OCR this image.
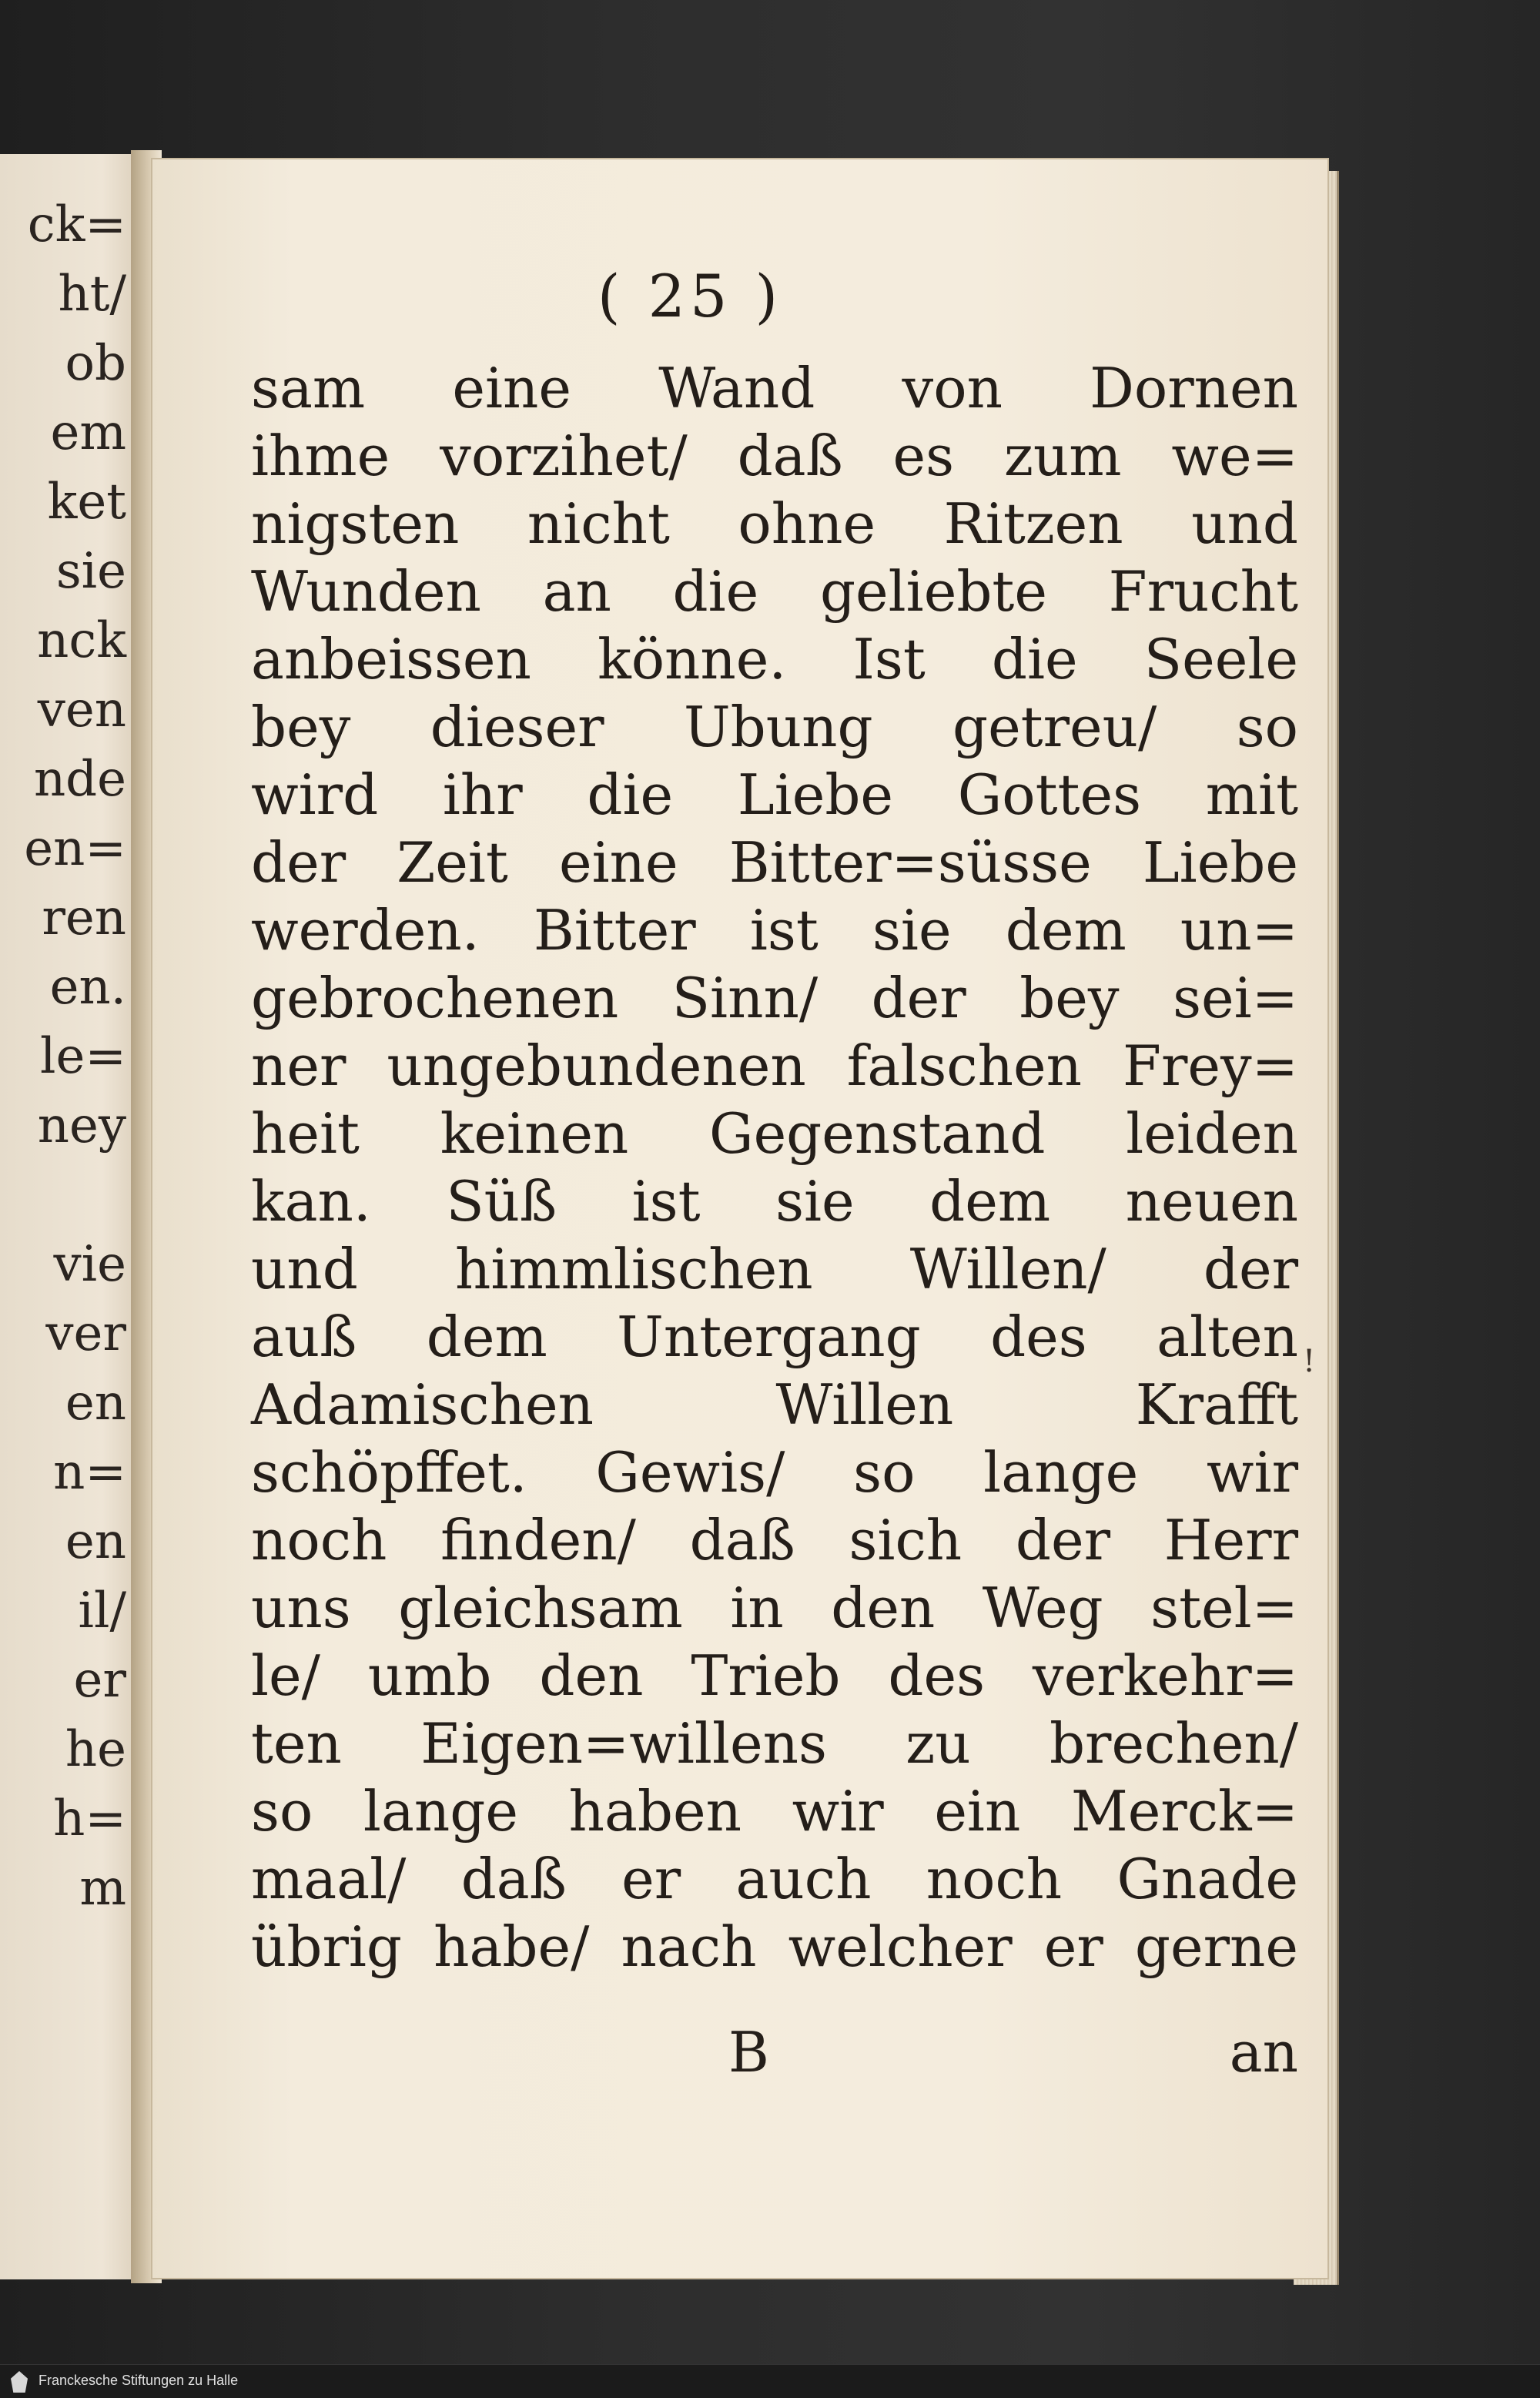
ck=
ht/
ob
em
ket
sie
nck
ven
nde
en=
ren
en.
le=
ney
vie
ver
en
n=
en
il/
er
he
h=
m
( 25 )
sam eine Wand von Dornen
ihme vorzihet/ daß es zum we=
nigsten nicht ohne Ritzen und
Wunden an die geliebte Frucht
anbeissen könne. Ist die Seele
bey dieser Ubung getreu/ so
wird ihr die Liebe Gottes mit
der Zeit eine Bitter=süsse Liebe
werden. Bitter ist sie dem un=
gebrochenen Sinn/ der bey sei=
ner ungebundenen falschen Frey=
heit keinen Gegenstand leiden
kan. Süß ist sie dem neuen
und himmlischen Willen/ der
auß dem Untergang des alten
Adamischen Willen Krafft
schöpffet. Gewis/ so lange wir
noch finden/ daß sich der Herr
uns gleichsam in den Weg stel=
le/ umb den Trieb des verkehr=
ten Eigen=willens zu brechen/
so lange haben wir ein Merck=
maal/ daß er auch noch Gnade
übrig habe/ nach welcher er gerne
B	an
!
Franckesche Stiftungen zu Halle
